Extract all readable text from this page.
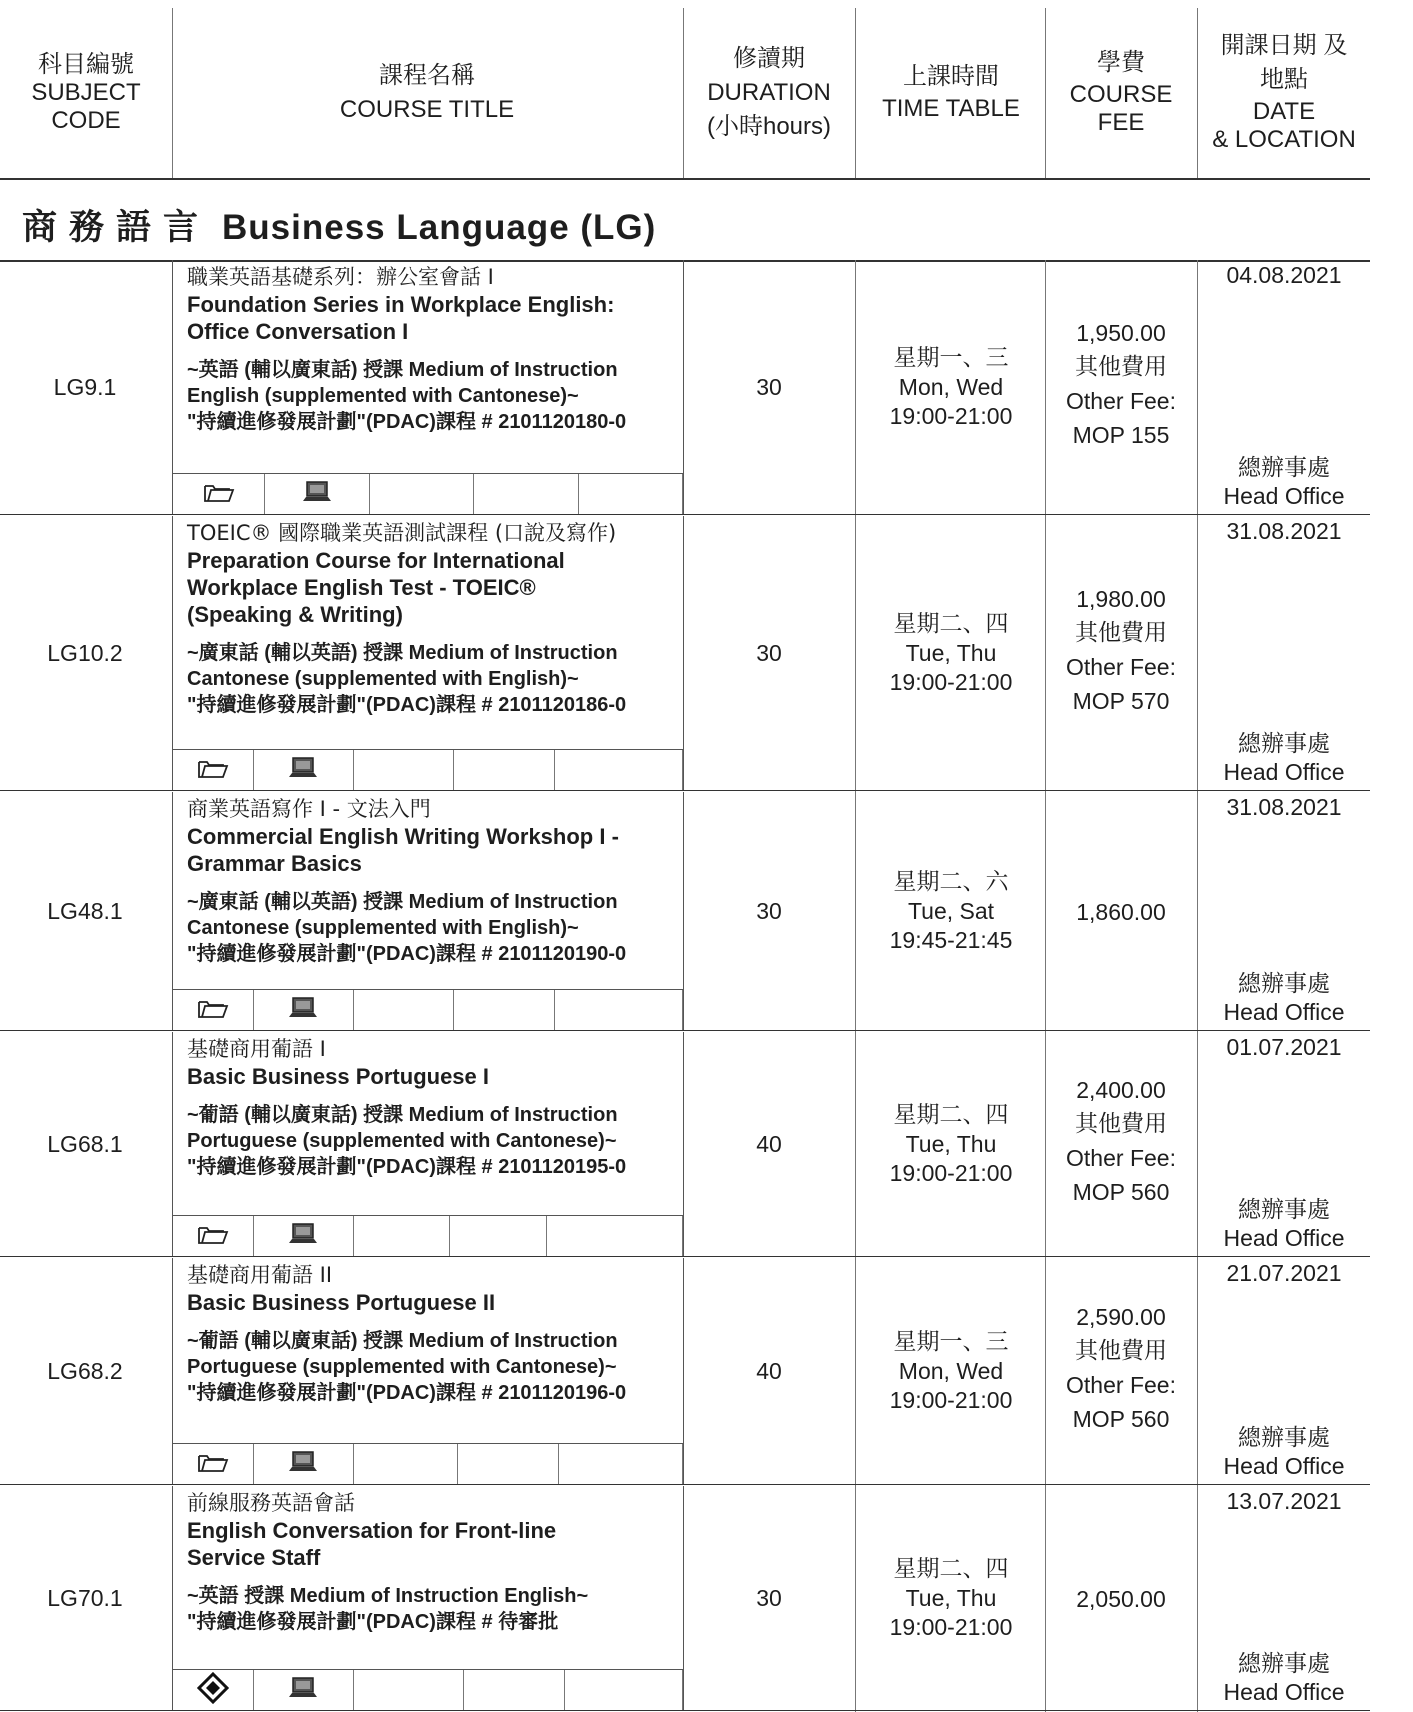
科目編號
SUBJECT
CODE
課程名稱
COURSE TITLE
修讀期
DURATION
(小時hours)
上課時間
TIME TABLE
學費
COURSE
FEE
開課日期 及
地點
DATE
& LOCATION
商務語言 Business Language (LG)
LG9.1
職業英語基礎系列：辦公室會話 I
Foundation Series in Workplace English:
Office Conversation I
~英語 (輔以廣東話) 授課 Medium of Instruction
English (supplemented with Cantonese)~
"持續進修發展計劃"(PDAC)課程 # 2101120180-0
30
星期一、三
Mon, Wed
19:00-21:00
1,950.00
其他費用
Other Fee:
MOP 155
04.08.2021
總辦事處
Head Office
LG10.2
TOEIC® 國際職業英語測試課程 (口說及寫作)
Preparation Course for International
Workplace English Test - TOEIC®
(Speaking & Writing)
~廣東話 (輔以英語) 授課 Medium of Instruction
Cantonese (supplemented with English)~
"持續進修發展計劃"(PDAC)課程 # 2101120186-0
30
星期二、四
Tue, Thu
19:00-21:00
1,980.00
其他費用
Other Fee:
MOP 570
31.08.2021
總辦事處
Head Office
LG48.1
商業英語寫作 I - 文法入門
Commercial English Writing Workshop I -
Grammar Basics
~廣東話 (輔以英語) 授課 Medium of Instruction
Cantonese (supplemented with English)~
"持續進修發展計劃"(PDAC)課程 # 2101120190-0
30
星期二、六
Tue, Sat
19:45-21:45
1,860.00
31.08.2021
總辦事處
Head Office
LG68.1
基礎商用葡語 I
Basic Business Portuguese I
~葡語 (輔以廣東話) 授課 Medium of Instruction
Portuguese (supplemented with Cantonese)~
"持續進修發展計劃"(PDAC)課程 # 2101120195-0
40
星期二、四
Tue, Thu
19:00-21:00
2,400.00
其他費用
Other Fee:
MOP 560
01.07.2021
總辦事處
Head Office
LG68.2
基礎商用葡語 II
Basic Business Portuguese II
~葡語 (輔以廣東話) 授課 Medium of Instruction
Portuguese (supplemented with Cantonese)~
"持續進修發展計劃"(PDAC)課程 # 2101120196-0
40
星期一、三
Mon, Wed
19:00-21:00
2,590.00
其他費用
Other Fee:
MOP 560
21.07.2021
總辦事處
Head Office
LG70.1
前線服務英語會話
English Conversation for Front-line
Service Staff
~英語 授課 Medium of Instruction English~
"持續進修發展計劃"(PDAC)課程 # 待審批
30
星期二、四
Tue, Thu
19:00-21:00
2,050.00
13.07.2021
總辦事處
Head Office
